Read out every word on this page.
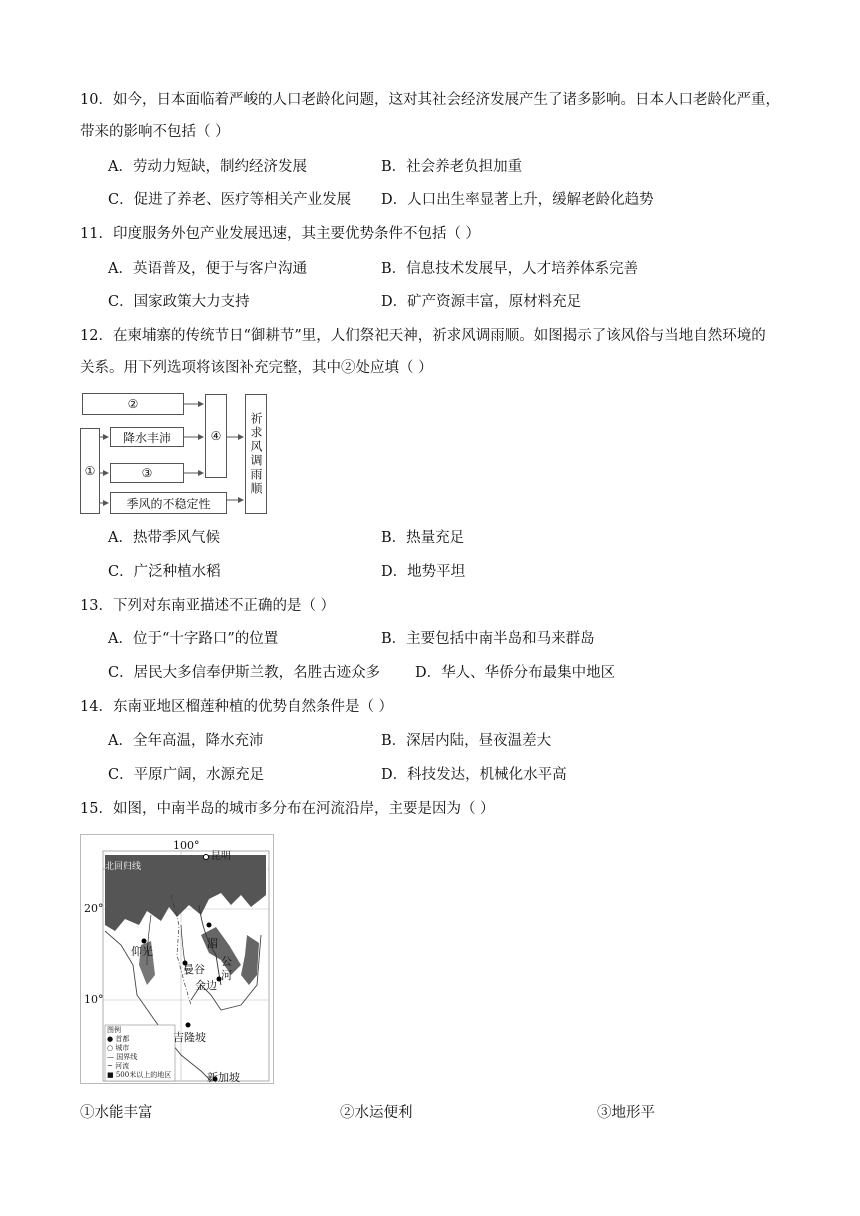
10．如今，日本面临着严峻的人口老龄化问题，这对其社会经济发展产生了诸多影响。日本人口老龄化严重，
带来的影响不包括（ ）
A．劳动力短缺，制约经济发展	B．社会养老负担加重
C．促进了养老、医疗等相关产业发展 D．人口出生率显著上升，缓解老龄化趋势
11．印度服务外包产业发展迅速，其主要优势条件不包括（ ）
A．英语普及，便于与客户沟通	B．信息技术发展早，人才培养体系完善
C．国家政策大力支持	D．矿产资源丰富，原材料充足
12．在柬埔寨的传统节日“御耕节”里，人们祭祀天神，祈求风调雨顺。如图揭示了该风俗与当地自然环境的
关系。用下列选项将该图补充完整，其中②处应填（ ）
②
①
降水丰沛
③
季风的不稳定性
④ 祈求风调雨顺
A．热带季风气候	B．热量充足
C．广泛种植水稻	D．地势平坦
13．下列对东南亚描述不正确的是（ ）
A．位于“十字路口”的位置	B．主要包括中南半岛和马来群岛
C．居民大多信奉伊斯兰教，名胜古迹众多 D．华人、华侨分布最集中地区
14．东南亚地区榴莲种植的优势自然条件是（ ）
A．全年高温，降水充沛	B．深居内陆，昼夜温差大
C．平原广阔，水源充足	D．科技发达，机械化水平高
15．如图，中南半岛的城市多分布在河流沿岸，主要是因为（ ）
100°
20°
10°
北回归线
昆明
万象
仰光
湄
公
河
曼谷
金边
吉隆坡
新加坡
图例
● 首都
○ 城市
— 国界线
~ 河流
■ 500米以上的地区
①水能丰富	②水运便利	③地形平
